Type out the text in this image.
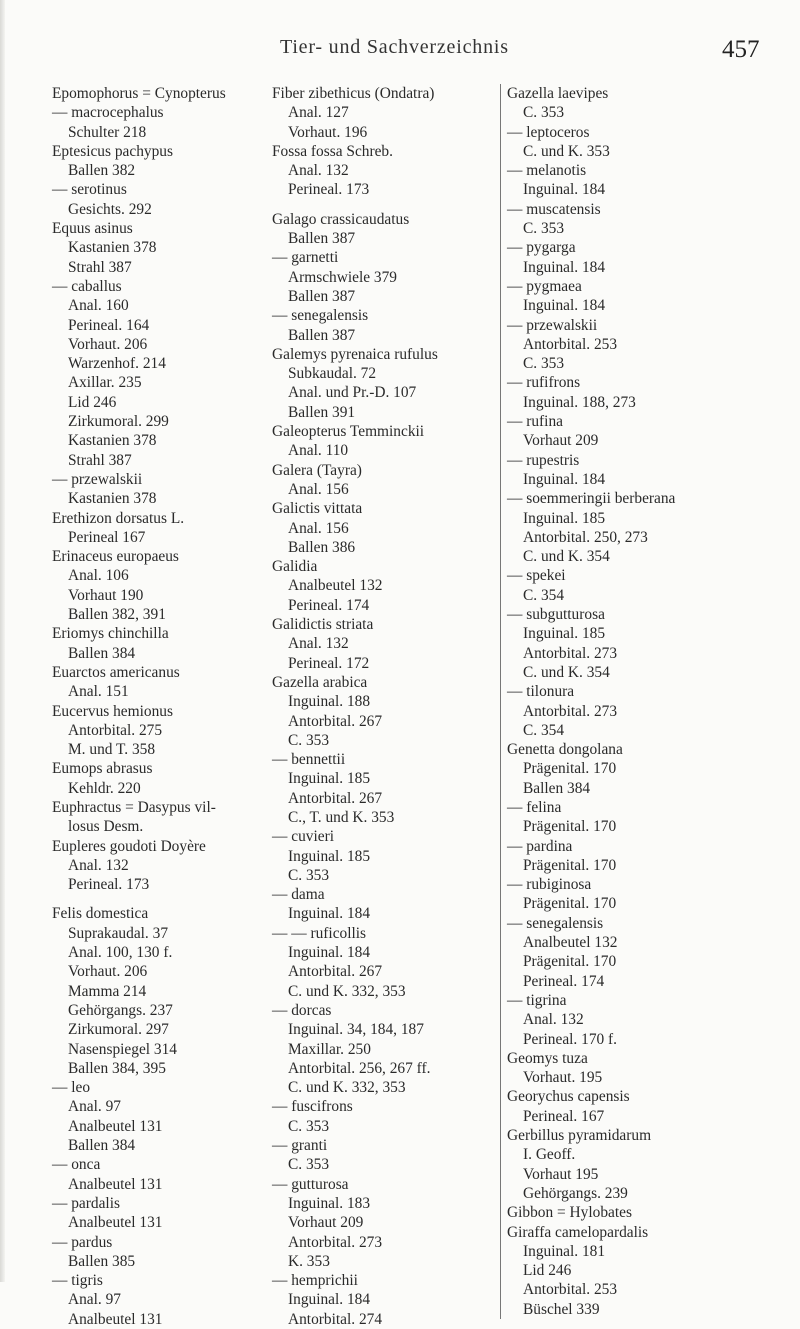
Tier- und Sachverzeichnis	457
Epomophorus = Cynopterus
— macrocephalus
Schulter 218
Eptesicus pachypus
Ballen 382
— serotinus
Gesichts. 292
Equus asinus
Kastanien 378
Strahl 387
— caballus
Anal. 160
Perineal. 164
Vorhaut. 206
Warzenhof. 214
Axillar. 235
Lid 246
Zirkumoral. 299
Kastanien 378
Strahl 387
— przewalskii
Kastanien 378
Erethizon dorsatus L.
Perineal 167
Erinaceus europaeus
Anal. 106
Vorhaut 190
Ballen 382, 391
Eriomys chinchilla
Ballen 384
Euarctos americanus
Anal. 151
Eucervus hemionus
Antorbital. 275
M. und T. 358
Eumops abrasus
Kehldr. 220
Euphractus = Dasypus vil-
losus Desm.
Eupleres goudoti Doyère
Anal. 132
Perineal. 173
Felis domestica
Suprakaudal. 37
Anal. 100, 130 f.
Vorhaut. 206
Mamma 214
Gehörgangs. 237
Zirkumoral. 297
Nasenspiegel 314
Ballen 384, 395
— leo
Anal. 97
Analbeutel 131
Ballen 384
— onca
Analbeutel 131
— pardalis
Analbeutel 131
— pardus
Ballen 385
— tigris
Anal. 97
Analbeutel 131
Fiber zibethicus (Ondatra)
Anal. 127
Vorhaut. 196
Fossa fossa Schreb.
Anal. 132
Perineal. 173
Galago crassicaudatus
Ballen 387
— garnetti
Armschwiele 379
Ballen 387
— senegalensis
Ballen 387
Galemys pyrenaica rufulus
Subkaudal. 72
Anal. und Pr.-D. 107
Ballen 391
Galeopterus Temminckii
Anal. 110
Galera (Tayra)
Anal. 156
Galictis vittata
Anal. 156
Ballen 386
Galidia
Analbeutel 132
Perineal. 174
Galidictis striata
Anal. 132
Perineal. 172
Gazella arabica
Inguinal. 188
Antorbital. 267
C. 353
— bennettii
Inguinal. 185
Antorbital. 267
C., T. und K. 353
— cuvieri
Inguinal. 185
C. 353
— dama
Inguinal. 184
— — ruficollis
Inguinal. 184
Antorbital. 267
C. und K. 332, 353
— dorcas
Inguinal. 34, 184, 187
Maxillar. 250
Antorbital. 256, 267 ff.
C. und K. 332, 353
— fuscifrons
C. 353
— granti
C. 353
— gutturosa
Inguinal. 183
Vorhaut 209
Antorbital. 273
K. 353
— hemprichii
Inguinal. 184
Antorbital. 274
Gazella laevipes
C. 353
— leptoceros
C. und K. 353
— melanotis
Inguinal. 184
— muscatensis
C. 353
— pygarga
Inguinal. 184
— pygmaea
Inguinal. 184
— przewalskii
Antorbital. 253
C. 353
— rufifrons
Inguinal. 188, 273
— rufina
Vorhaut 209
— rupestris
Inguinal. 184
— soemmeringii berberana
Inguinal. 185
Antorbital. 250, 273
C. und K. 354
— spekei
C. 354
— subgutturosa
Inguinal. 185
Antorbital. 273
C. und K. 354
— tilonura
Antorbital. 273
C. 354
Genetta dongolana
Prägenital. 170
Ballen 384
— felina
Prägenital. 170
— pardina
Prägenital. 170
— rubiginosa
Prägenital. 170
— senegalensis
Analbeutel 132
Prägenital. 170
Perineal. 174
— tigrina
Anal. 132
Perineal. 170 f.
Geomys tuza
Vorhaut. 195
Georychus capensis
Perineal. 167
Gerbillus pyramidarum
I. Geoff.
Vorhaut 195
Gehörgangs. 239
Gibbon = Hylobates
Giraffa camelopardalis
Inguinal. 181
Lid 246
Antorbital. 253
Büschel 339
